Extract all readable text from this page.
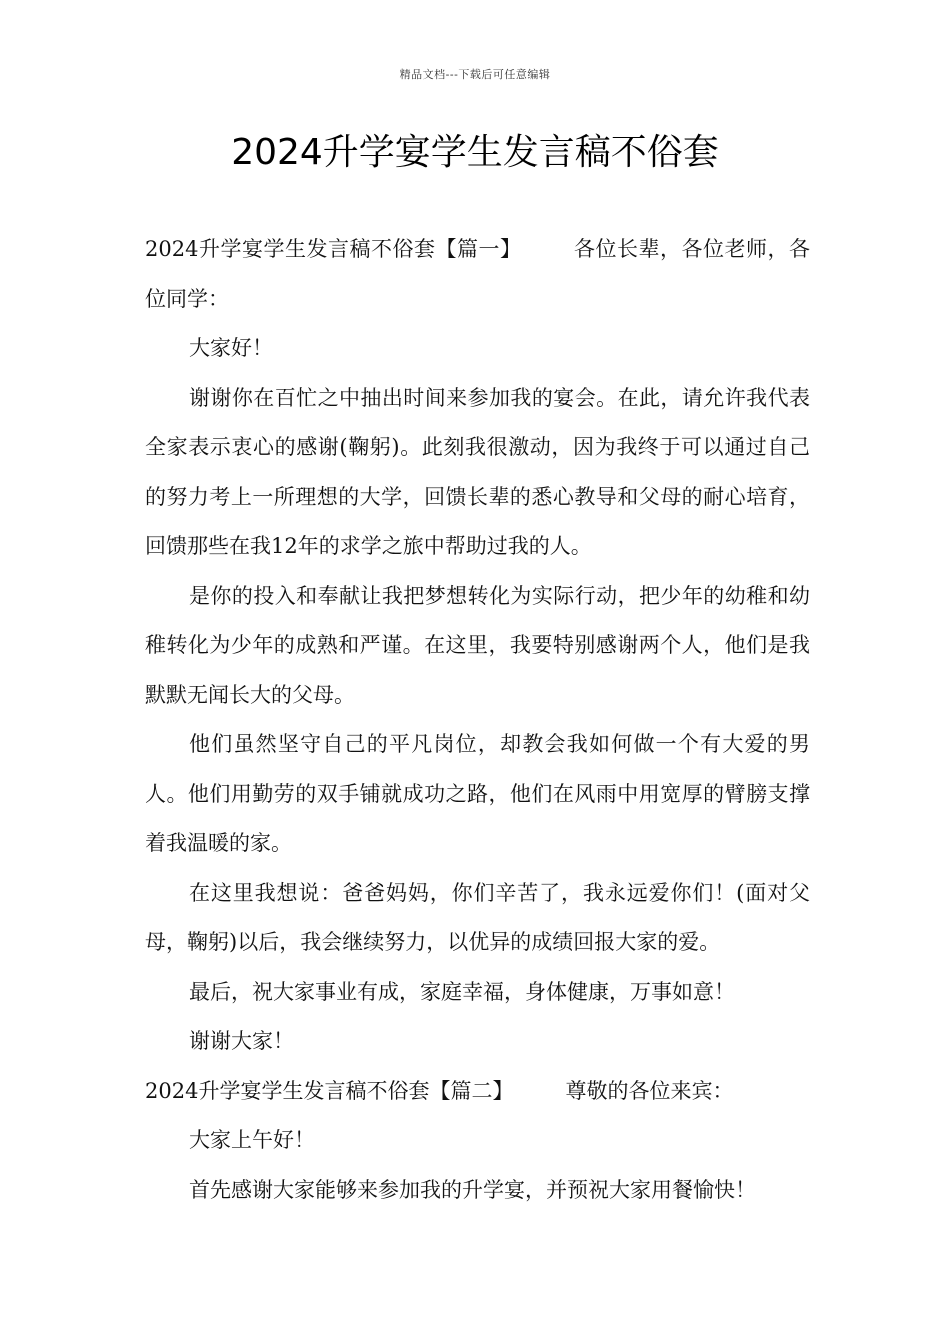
精品文档---下载后可任意编辑
2024升学宴学生发言稿不俗套

2024升学宴学生发言稿不俗套【篇一】 各位长辈，各位老师，各位同学：

大家好！

谢谢你在百忙之中抽出时间来参加我的宴会。在此，请允许我代表全家表示衷心的感谢(鞠躬)。此刻我很激动，因为我终于可以通过自己的努力考上一所理想的大学，回馈长辈的悉心教导和父母的耐心培育，回馈那些在我12年的求学之旅中帮助过我的人。

是你的投入和奉献让我把梦想转化为实际行动，把少年的幼稚和幼稚转化为少年的成熟和严谨。在这里，我要特别感谢两个人，他们是我默默无闻长大的父母。

他们虽然坚守自己的平凡岗位，却教会我如何做一个有大爱的男人。他们用勤劳的双手铺就成功之路，他们在风雨中用宽厚的臂膀支撑着我温暖的家。

在这里我想说：爸爸妈妈，你们辛苦了，我永远爱你们！(面对父母，鞠躬)以后，我会继续努力，以优异的成绩回报大家的爱。

最后，祝大家事业有成，家庭幸福，身体健康，万事如意！

谢谢大家！

2024升学宴学生发言稿不俗套【篇二】 尊敬的各位来宾：

大家上午好！

首先感谢大家能够来参加我的升学宴，并预祝大家用餐愉快！
